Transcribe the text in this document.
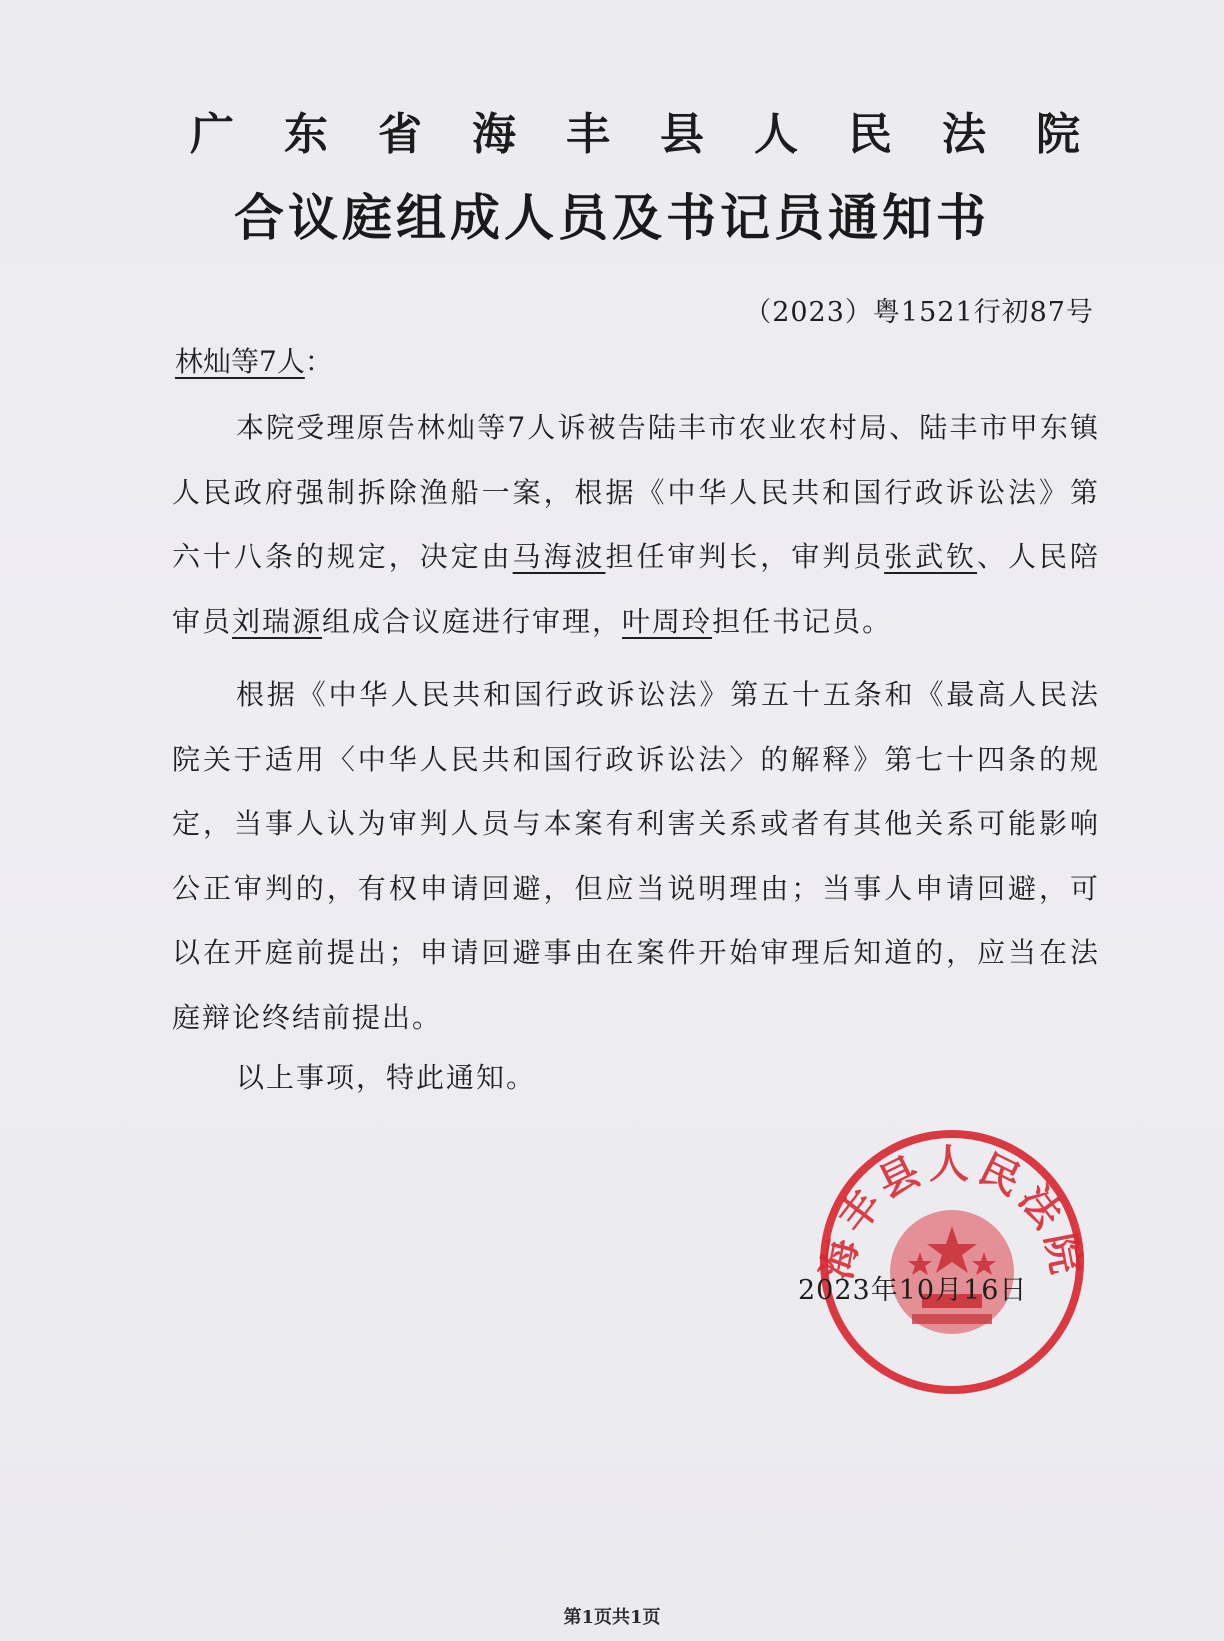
广 东 省 海 丰 县 人 民 法 院
合议庭组成人员及书记员通知书
（2023）粤1521行初87号
林灿等7人：
本院受理原告林灿等7人诉被告陆丰市农业农村局、陆丰市甲东镇人民政府强制拆除渔船一案，根据《中华人民共和国行政诉讼法》第六十八条的规定，决定由马海波担任审判长，审判员张武钦、人民陪审员刘瑞源组成合议庭进行审理，叶周玲担任书记员。
根据《中华人民共和国行政诉讼法》第五十五条和《最高人民法院关于适用〈中华人民共和国行政诉讼法〉的解释》第七十四条的规定，当事人认为审判人员与本案有利害关系或者有其他关系可能影响公正审判的，有权申请回避，但应当说明理由；当事人申请回避，可以在开庭前提出；申请回避事由在案件开始审理后知道的，应当在法庭辩论终结前提出。
以上事项，特此通知。
海丰县人民法院
2023年10月16日
第1页共1页
